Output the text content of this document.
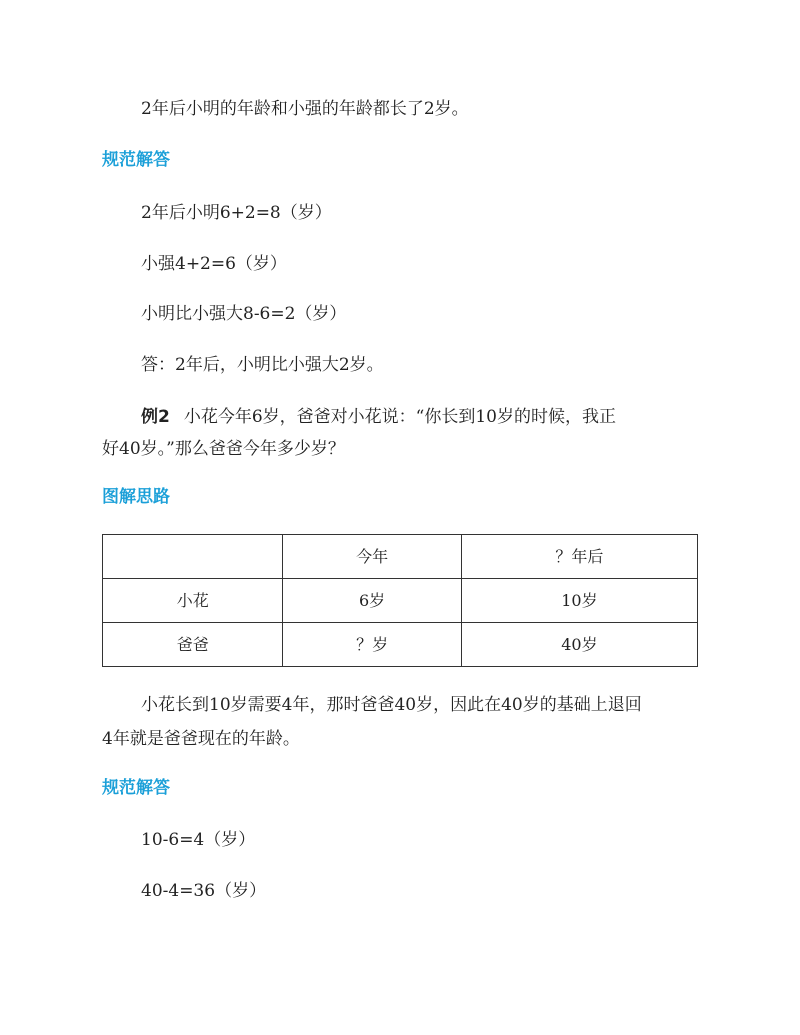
2年后小明的年龄和小强的年龄都长了2岁。
规范解答
2年后小明6+2=8（岁）
小强4+2=6（岁）
小明比小强大8-6=2（岁）
答：2年后，小明比小强大2岁。
例2 小花今年6岁，爸爸对小花说：“你长到10岁的时候，我正
好40岁。”那么爸爸今年多少岁？
图解思路
	今年	？年后
小花	6岁	10岁
爸爸	？岁	40岁
小花长到10岁需要4年，那时爸爸40岁，因此在40岁的基础上退回
4年就是爸爸现在的年龄。
规范解答
10-6=4（岁）
40-4=36（岁）
